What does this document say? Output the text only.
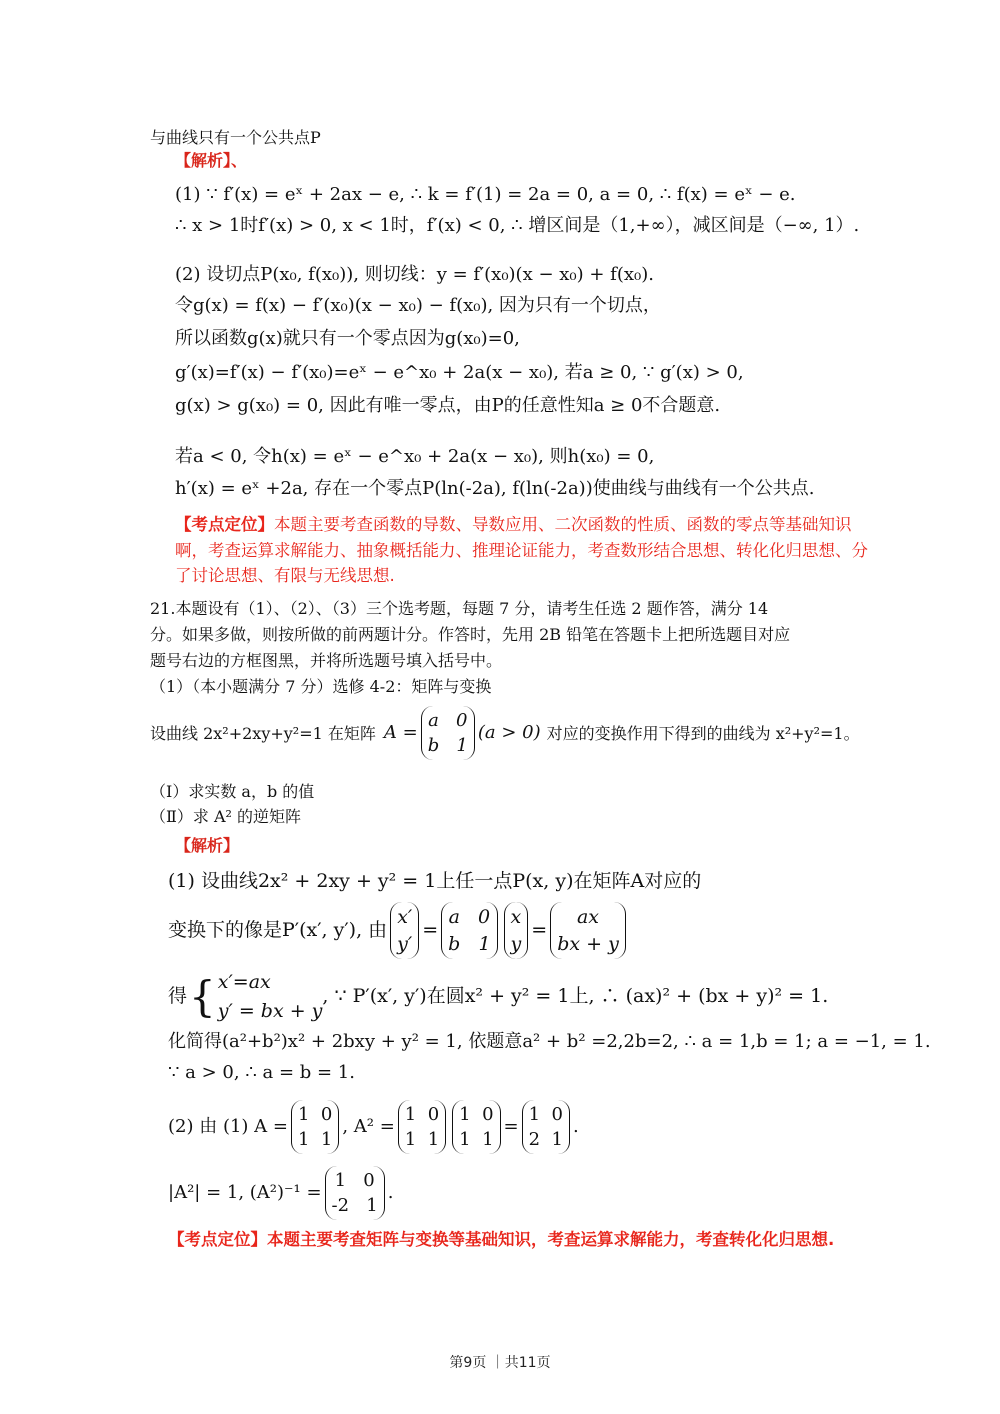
与曲线只有一个公共点P
【解析】、
(1) ∵ f′(x) = eˣ + 2ax − e, ∴ k = f′(1) = 2a = 0, a = 0, ∴ f(x) = eˣ − e.
∴ x > 1时f′(x) > 0, x < 1时，f′(x) < 0, ∴ 增区间是（1,+∞），减区间是（−∞, 1）.
(2) 设切点P(x₀, f(x₀)), 则切线：y = f′(x₀)(x − x₀) + f(x₀).
令g(x) = f(x) − f′(x₀)(x − x₀) − f(x₀), 因为只有一个切点，
所以函数g(x)就只有一个零点因为g(x₀)=0,
g′(x)=f′(x) − f′(x₀)=eˣ − e^x₀ + 2a(x − x₀), 若a ≥ 0, ∵ g′(x) > 0,
g(x) > g(x₀) = 0, 因此有唯一零点，由P的任意性知a ≥ 0不合题意.
若a < 0, 令h(x) = eˣ − e^x₀ + 2a(x − x₀), 则h(x₀) = 0,
h′(x) = eˣ +2a, 存在一个零点P(ln(-2a), f(ln(-2a))使曲线与曲线有一个公共点.
【考点定位】本题主要考查函数的导数、导数应用、二次函数的性质、函数的零点等基础知识啊，考查运算求解能力、抽象概括能力、推理论证能力，考查数形结合思想、转化化归思想、分了讨论思想、有限与无线思想.
21.本题设有（1）、（2）、（3）三个选考题，每题 7 分，请考生任选 2 题作答，满分 14
分。如果多做，则按所做的前两题计分。作答时，先用 2B 铅笔在答题卡上把所选题目对应
题号右边的方框图黑，并将所选题号填入括号中。
（1）（本小题满分 7 分）选修 4-2：矩阵与变换
设曲线 2x²+2xy+y²=1 在矩阵 A =
a 0
b 1
(a > 0) 对应的变换作用下得到的曲线为 x²+y²=1。
（Ⅰ）求实数 a，b 的值
（Ⅱ）求 A² 的逆矩阵
【解析】
(1) 设曲线2x² + 2xy + y² = 1上任一点P(x, y)在矩阵A对应的
变换下的像是P′(x′, y′), 由
x′
y′
=
a 0
b 1
x
y
=
ax
bx + y
得 { x′=ax
y′ = bx + y
, ∵ P′(x′, y′)在圆x² + y² = 1上, ∴ (ax)² + (bx + y)² = 1.
化简得(a²+b²)x² + 2bxy + y² = 1, 依题意a² + b² =2,2b=2, ∴ a = 1,b = 1; a = −1, = 1.
∵ a > 0, ∴ a = b = 1.
(2) 由 (1) A =
1 0
1 1
, A² =
1 0
1 1
1 0
1 1
=
1 0
2 1
.
|A²| = 1, (A²)⁻¹ =
1 0
-2 1
.
【考点定位】本题主要考查矩阵与变换等基础知识，考查运算求解能力，考查转化化归思想.
第9页 ｜共11页
